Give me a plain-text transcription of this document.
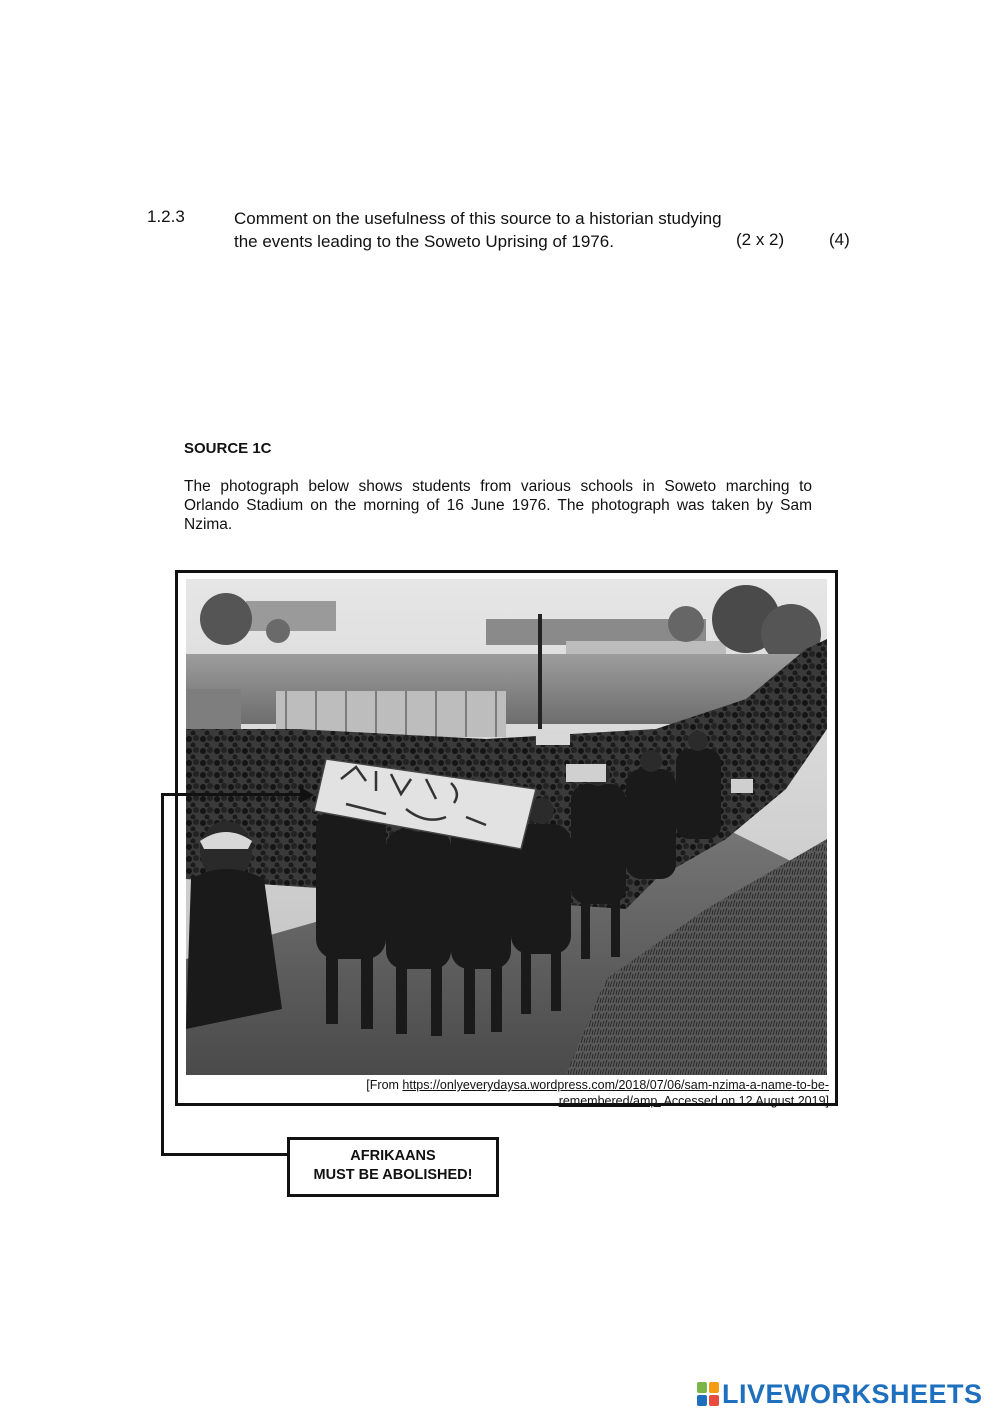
1.2.3	Comment on the usefulness of this source to a historian studying
the events leading to the Soweto Uprising of 1976.	(2 x 2)	(4)
SOURCE 1C
The photograph below shows students from various schools in Soweto marching to Orlando Stadium on the morning of 16 June 1976. The photograph was taken by Sam Nzima.
[From https://onlyeverydaysa.wordpress.com/2018/07/06/sam-nzima-a-name-to-be-
remembered/amp. Accessed on 12 August 2019]
AFRIKAANS
MUST BE ABOLISHED!
LIVEWORKSHEETS
